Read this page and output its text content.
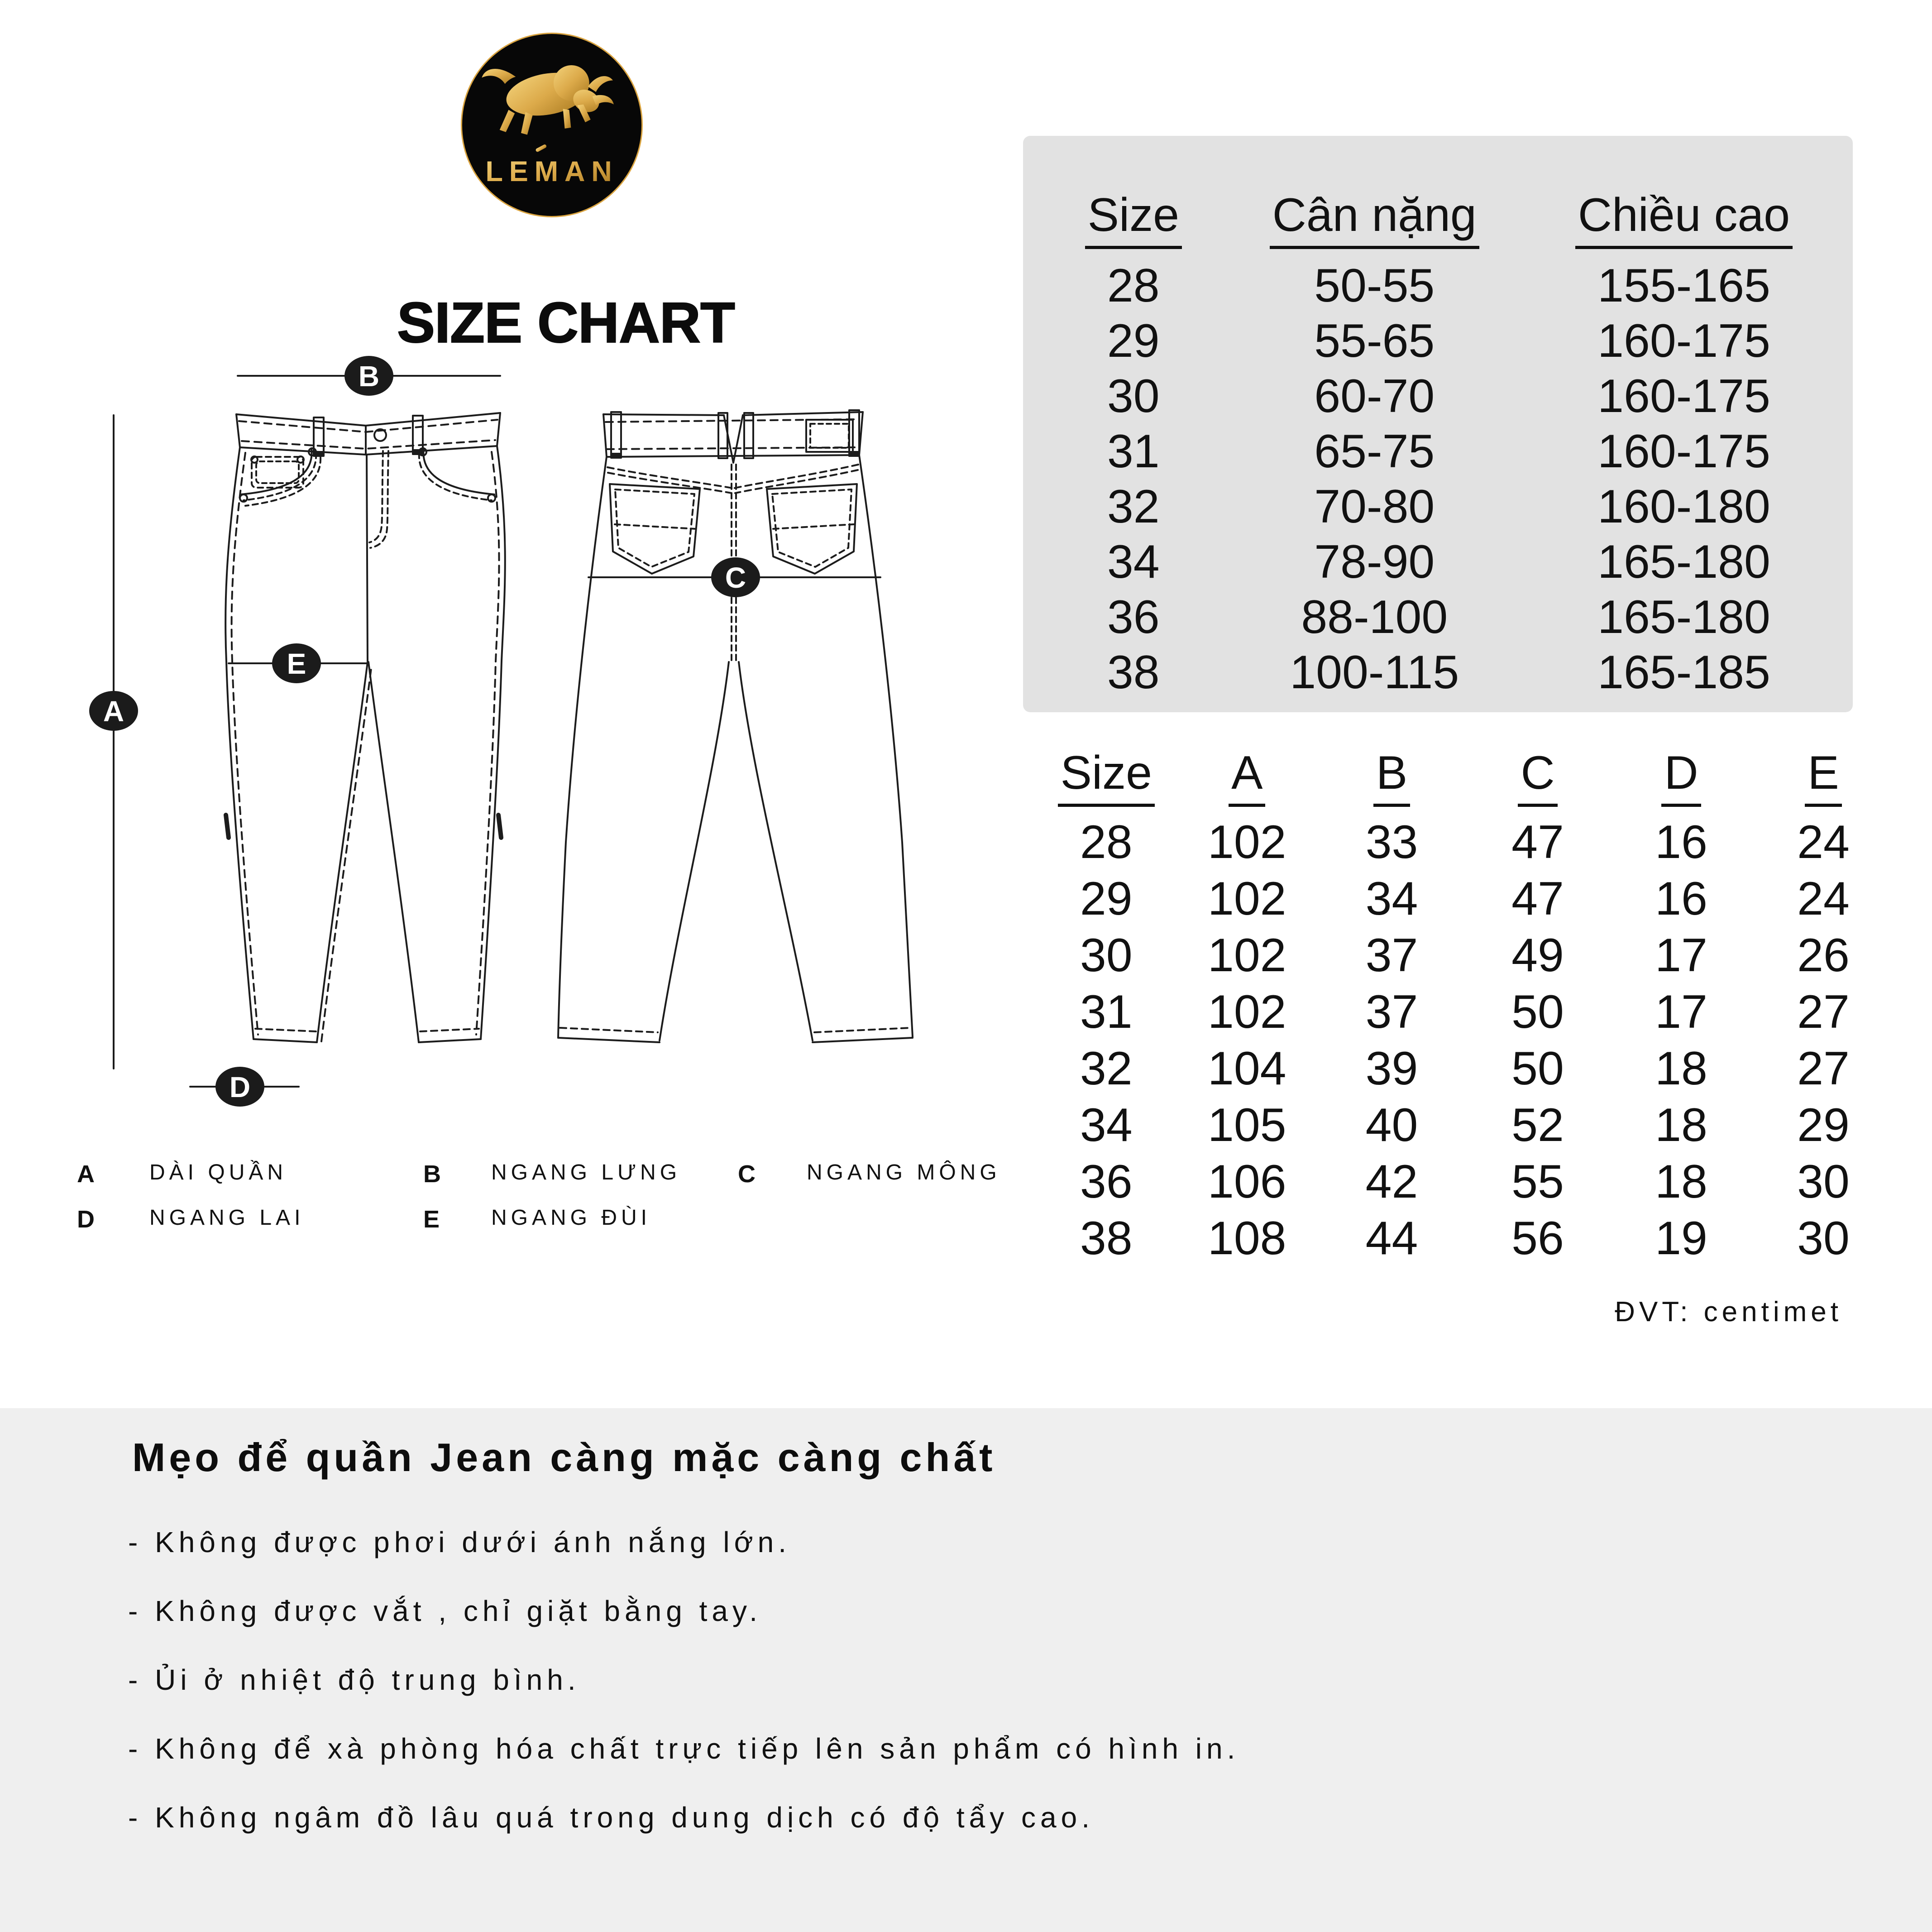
LEMAN
SIZE CHART
Size	Cân nặng	Chiều cao
28	50-55	155-165
29	55-65	160-175
30	60-70	160-175
31	65-75	160-175
32	70-80	160-180
34	78-90	165-180
36	88-100	165-180
38	100-115	165-185
Size	A	B	C	D	E
28	102	33	47	16	24
29	102	34	47	16	24
30	102	37	49	17	26
31	102	37	50	17	27
32	104	39	50	18	27
34	105	40	52	18	29
36	106	42	55	18	30
38	108	44	56	19	30
ĐVT: centimet
B
A
E
D
C
A	DÀI QUẦN	B NGANG LƯNG C NGANG MÔNG
D	NGANG LAI	E NGANG ĐÙI
Mẹo để quần Jean càng mặc càng chất
- Không được phơi dưới ánh nắng lớn.
- Không được vắt , chỉ giặt bằng tay.
- Ủi ở nhiệt độ trung bình.
- Không để xà phòng hóa chất trực tiếp lên sản phẩm có hình in.
- Không ngâm đồ lâu quá trong dung dịch có độ tẩy cao.
